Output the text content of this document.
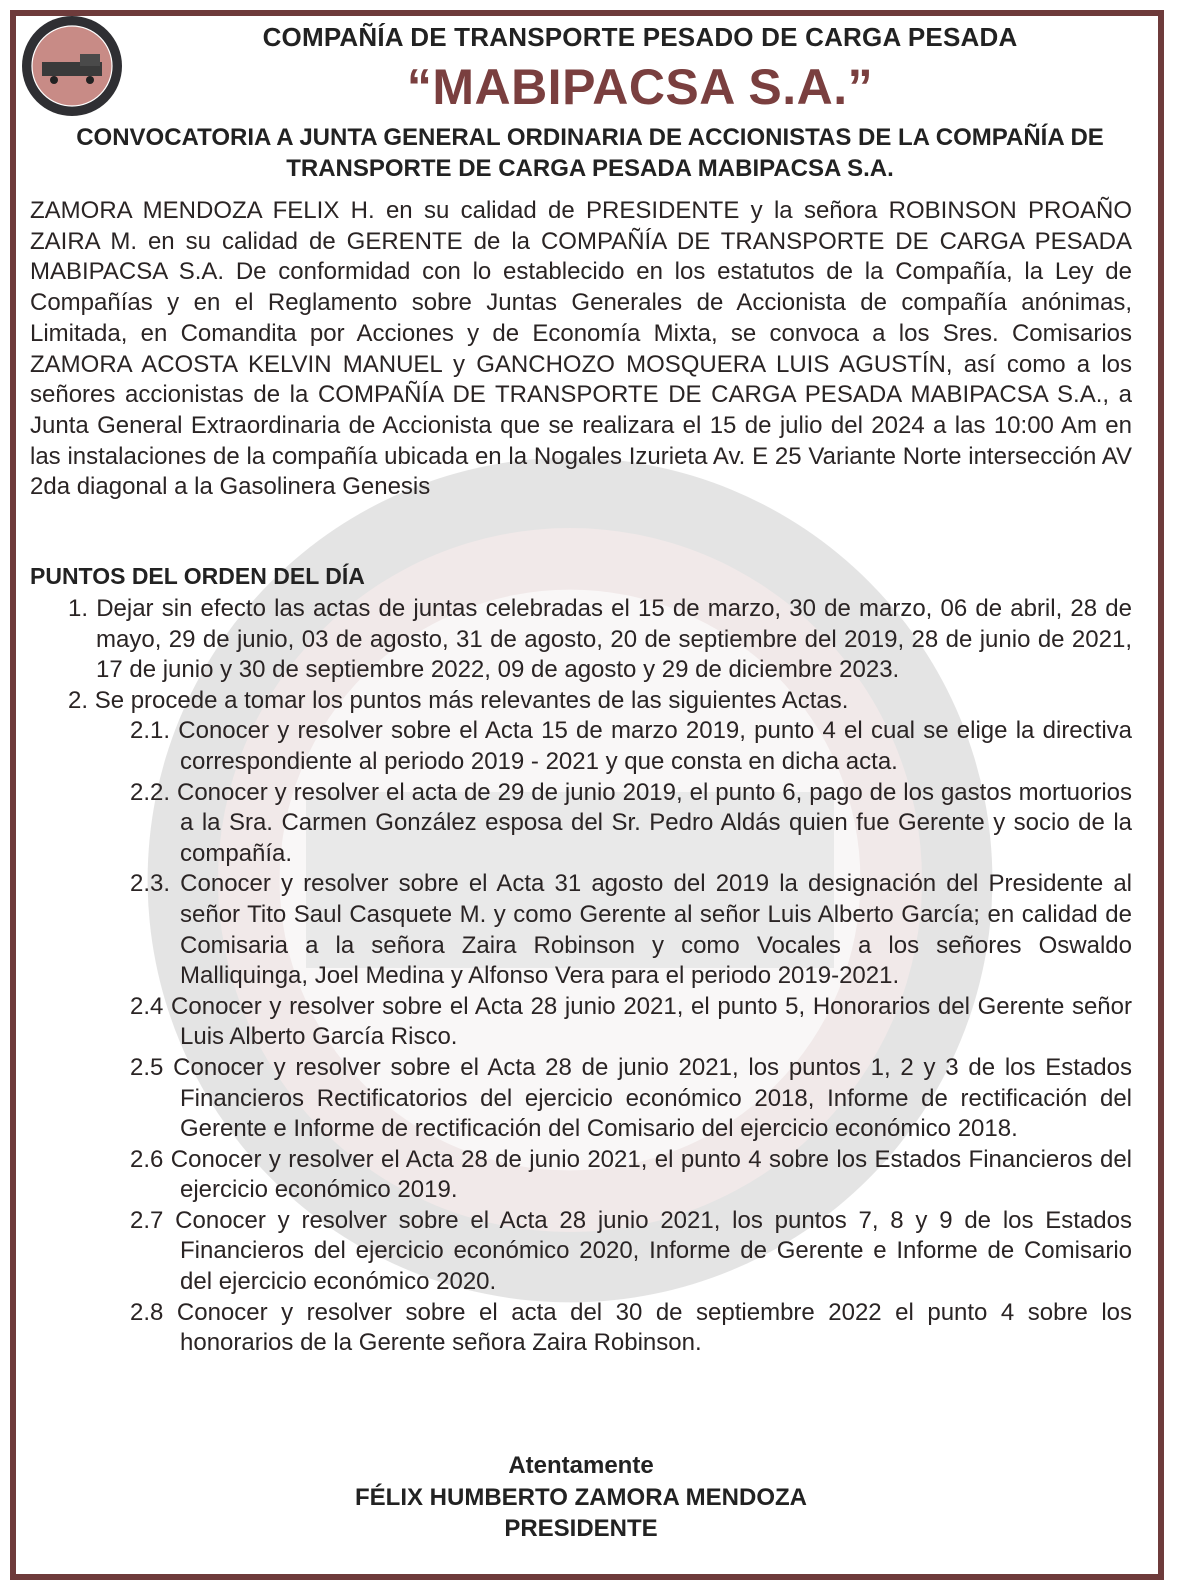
COMPAÑÍA DE TRANSPORTE PESADO DE CARGA PESADA
“MABIPACSA S.A.”
CONVOCATORIA A JUNTA GENERAL ORDINARIA DE ACCIONISTAS DE LA COMPAÑÍA DE TRANSPORTE DE CARGA PESADA MABIPACSA S.A.
ZAMORA MENDOZA FELIX H. en su calidad de PRESIDENTE y la señora ROBINSON PROAÑO ZAIRA M. en su calidad de GERENTE de la COMPAÑÍA DE TRANSPORTE DE CARGA PESADA MABIPACSA S.A. De conformidad con lo establecido en los estatutos de la Compañía, la Ley de Compañías y en el Reglamento sobre Juntas Generales de Accionista de compañía anónimas, Limitada, en Comandita por Acciones y de Economía Mixta, se convoca a los Sres. Comisarios ZAMORA ACOSTA KELVIN MANUEL y GANCHOZO MOSQUERA LUIS AGUSTÍN, así como a los señores accionistas de la COMPAÑÍA DE TRANSPORTE DE CARGA PESADA MABIPACSA S.A., a Junta General Extraordinaria de Accionista que se realizara el 15 de julio del 2024 a las 10:00 Am en las instalaciones de la compañía ubicada en la Nogales Izurieta Av. E 25 Variante Norte intersección AV 2da diagonal a la Gasolinera Genesis
PUNTOS DEL ORDEN DEL DÍA
1. Dejar sin efecto las actas de juntas celebradas el 15 de marzo, 30 de marzo, 06 de abril, 28 de mayo, 29 de junio, 03 de agosto, 31 de agosto, 20 de septiembre del 2019, 28 de junio de 2021, 17 de junio y 30 de septiembre 2022, 09 de agosto y 29 de diciembre 2023.
2. Se procede a tomar los puntos más relevantes de las siguientes Actas.
2.1. Conocer y resolver sobre el Acta 15 de marzo 2019, punto 4 el cual se elige la directiva correspondiente al periodo 2019 - 2021 y que consta en dicha acta.
2.2. Conocer y resolver el acta de 29 de junio 2019, el punto 6, pago de los gastos mortuorios a la Sra. Carmen González esposa del Sr. Pedro Aldás quien fue Gerente y socio de la compañía.
2.3. Conocer y resolver sobre el Acta 31 agosto del 2019 la designación del Presidente al señor Tito Saul Casquete M. y como Gerente al señor Luis Alberto García; en calidad de Comisaria a la señora Zaira Robinson y como Vocales a los señores Oswaldo Malliquinga, Joel Medina y Alfonso Vera para el periodo 2019-2021.
2.4 Conocer y resolver sobre el Acta 28 junio 2021, el punto 5, Honorarios del Gerente señor Luis Alberto García Risco.
2.5 Conocer y resolver sobre el Acta 28 de junio 2021, los puntos 1, 2 y 3 de los Estados Financieros Rectificatorios del ejercicio económico 2018, Informe de rectificación del Gerente e Informe de rectificación del Comisario del ejercicio económico 2018.
2.6 Conocer y resolver el Acta 28 de junio 2021, el punto 4 sobre los Estados Financieros del ejercicio económico 2019.
2.7 Conocer y resolver sobre el Acta 28 junio 2021, los puntos 7, 8 y 9 de los Estados Financieros del ejercicio económico 2020, Informe de Gerente e Informe de Comisario del ejercicio económico 2020.
2.8 Conocer y resolver sobre el acta del 30 de septiembre 2022 el punto 4 sobre los honorarios de la Gerente señora Zaira Robinson.
Atentamente
FÉLIX HUMBERTO ZAMORA MENDOZA
PRESIDENTE
